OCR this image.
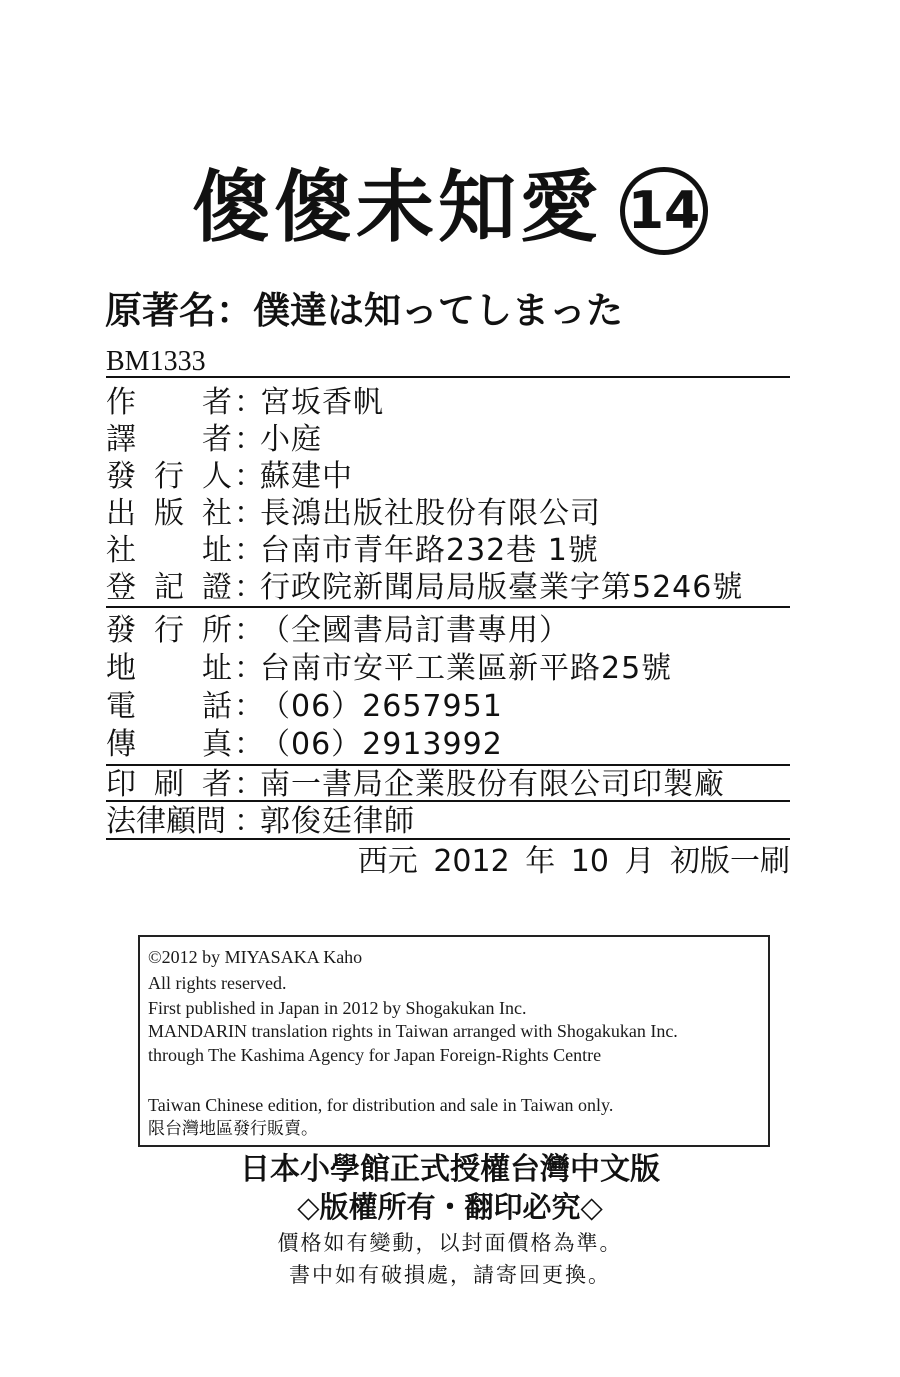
傻傻未知愛 14
原著名：僕達は知ってしまった
BM1333
作 者 ：
宮坂香帆
譯 者 ：
小庭
發 行 人 ：
蘇建中
出 版 社 ：
長鴻出版社股份有限公司
社 址 ：
台南市青年路232巷 1號
登 記 證 ：
行政院新聞局局版臺業字第5246號
發 行 所 ：
（全國書局訂書專用）
地 址 ：
台南市安平工業區新平路25號
電 話 ：
（06）2657951
傳 真 ：
（06）2913992
印 刷 者 ：
南一書局企業股份有限公司印製廠
法律顧問 ：
郭俊廷律師
西元 2012 年 10 月 初版一刷
©2012 by MIYASAKA Kaho
All rights reserved.
First published in Japan in 2012 by Shogakukan Inc.
MANDARIN translation rights in Taiwan arranged with Shogakukan Inc.
through The Kashima Agency for Japan Foreign-Rights Centre
Taiwan Chinese edition, for distribution and sale in Taiwan only.
限台灣地區發行販賣。
日本小學館正式授權台灣中文版
◇版權所有・翻印必究◇
價格如有變動，以封面價格為準。
書中如有破損處，請寄回更換。
